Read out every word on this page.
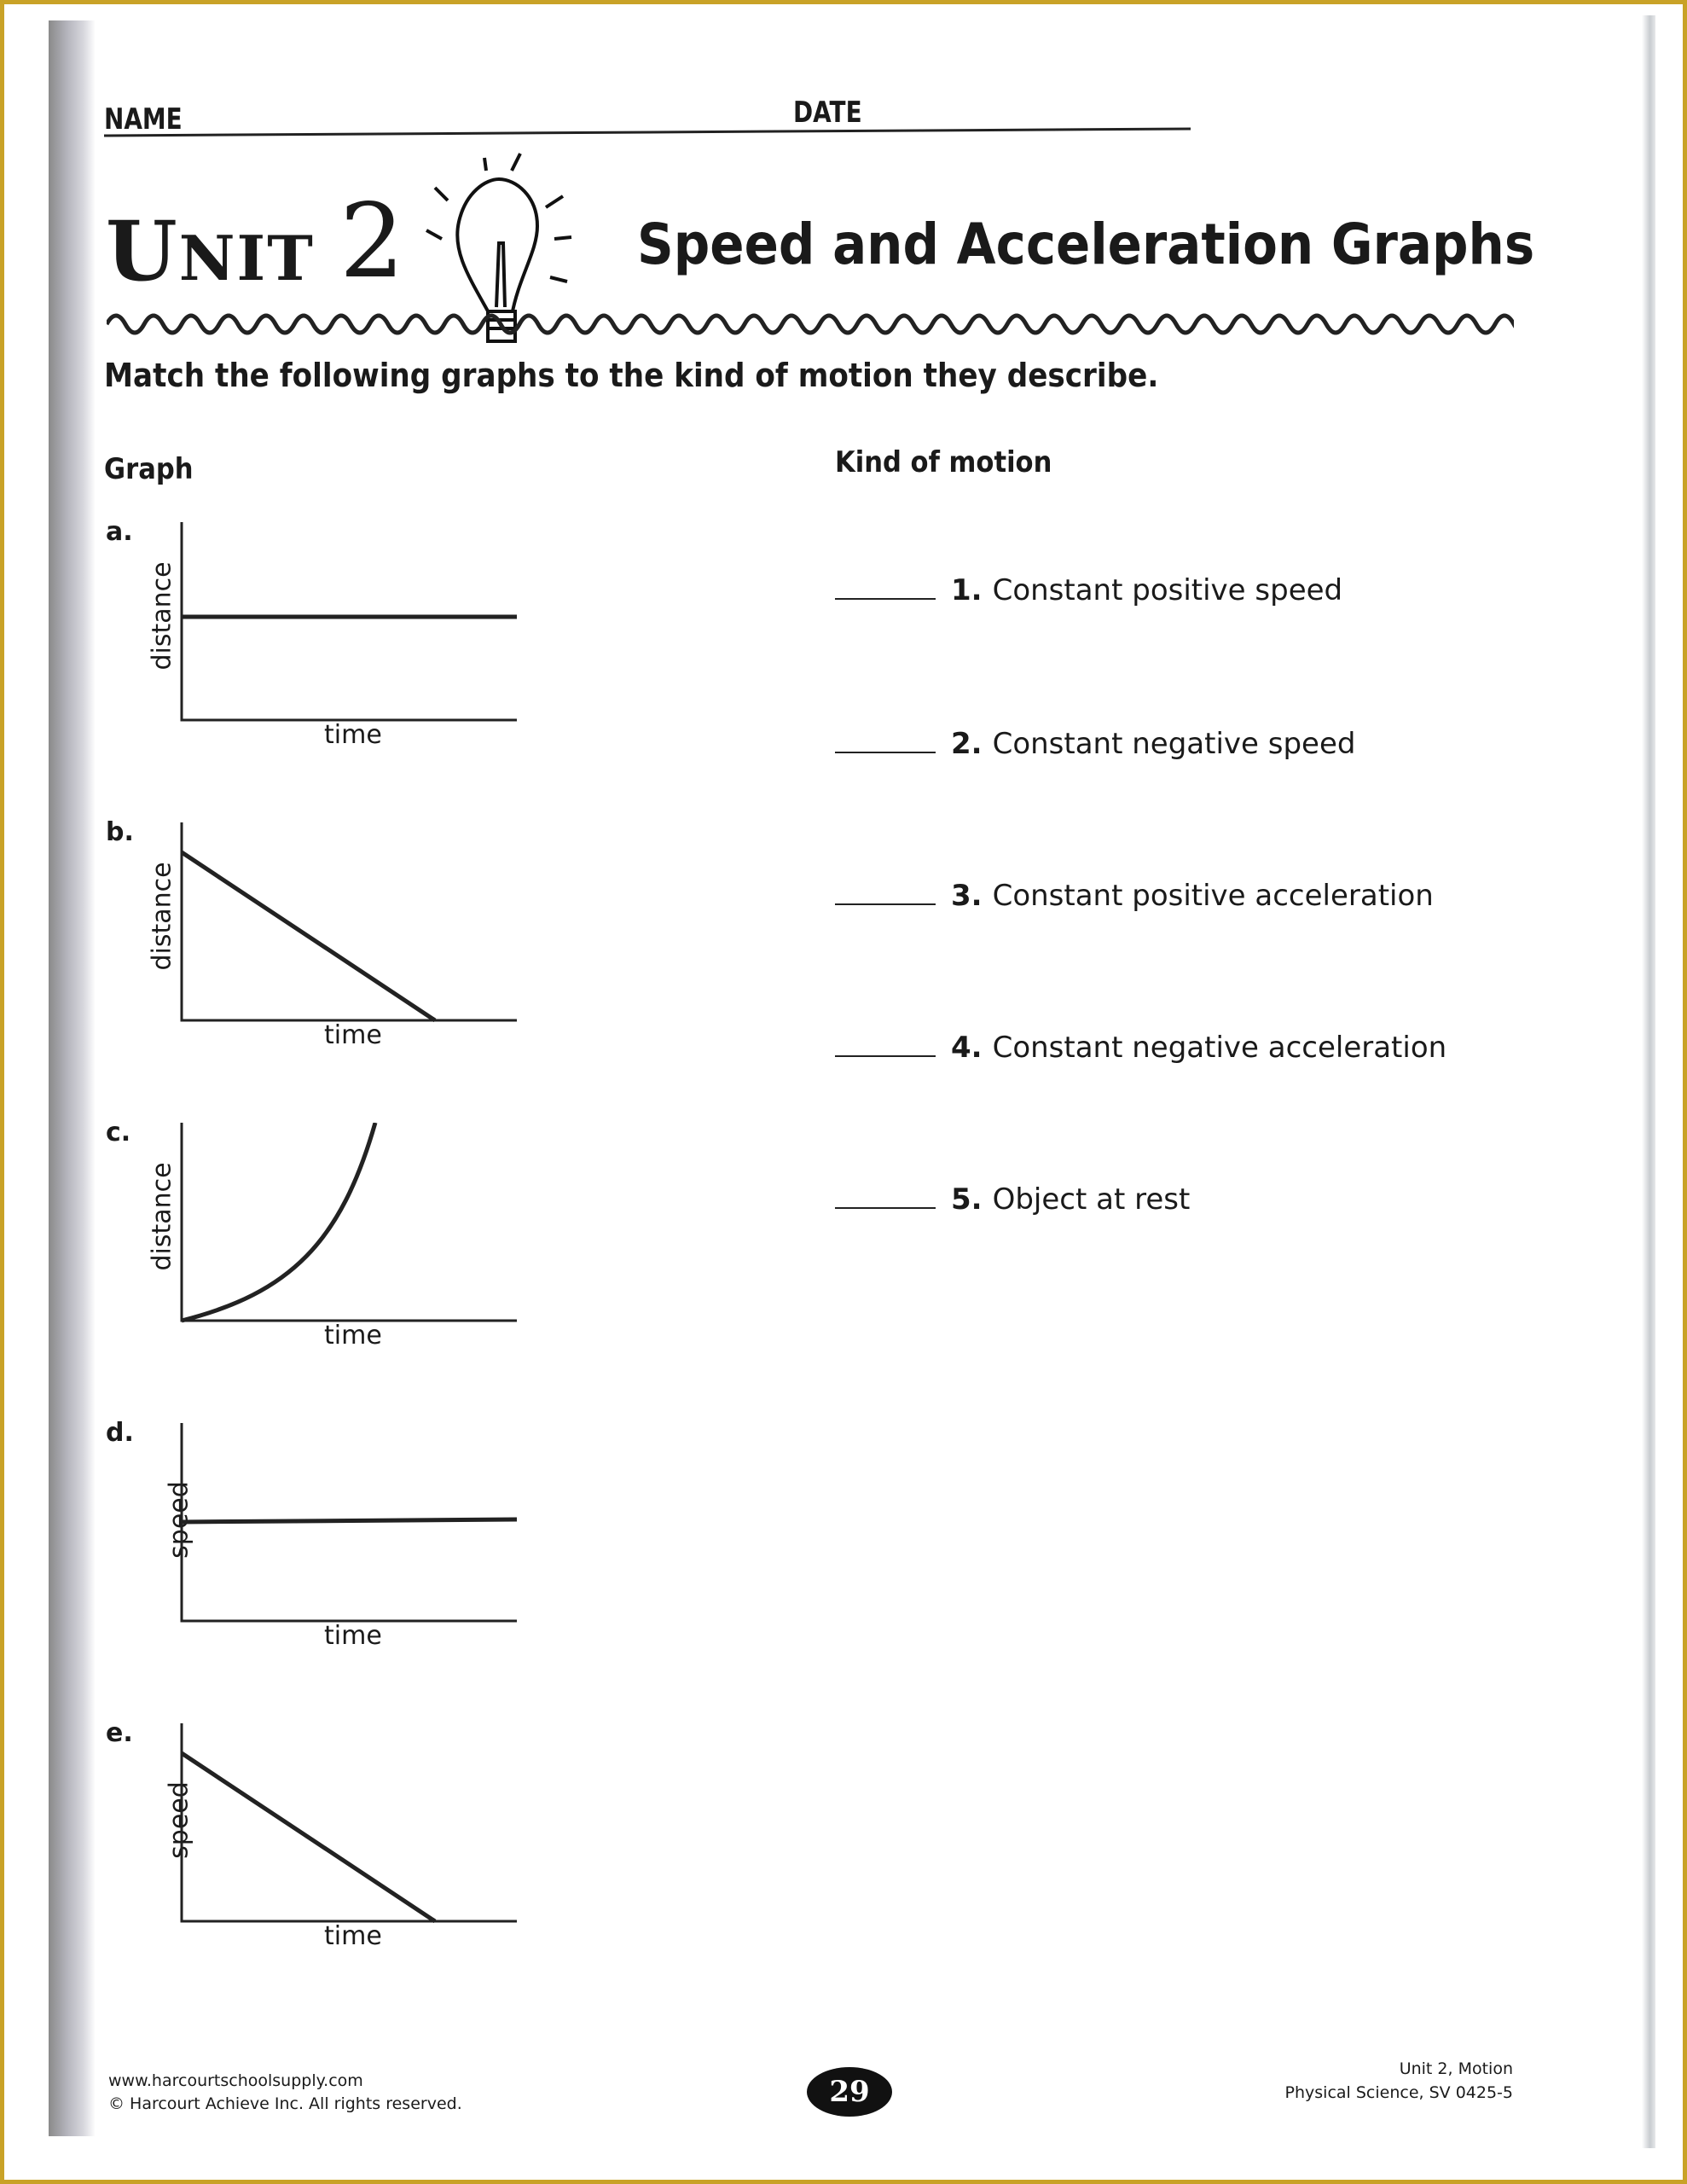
NAME	DATE
UNIT 2	Speed and Acceleration Graphs
Match the following graphs to the kind of motion they describe.
Graph	Kind of motion
a.
distance
time
b.
distance
time
c.
distance
time
d.
speed
time
e.
speed
time
1. Constant positive speed
2. Constant negative speed
3. Constant positive acceleration
4. Constant negative acceleration
5. Object at rest
www.harcourtschoolsupply.com
© Harcourt Achieve Inc. All rights reserved.	29
Unit 2, Motion
Physical Science, SV 0425-5
